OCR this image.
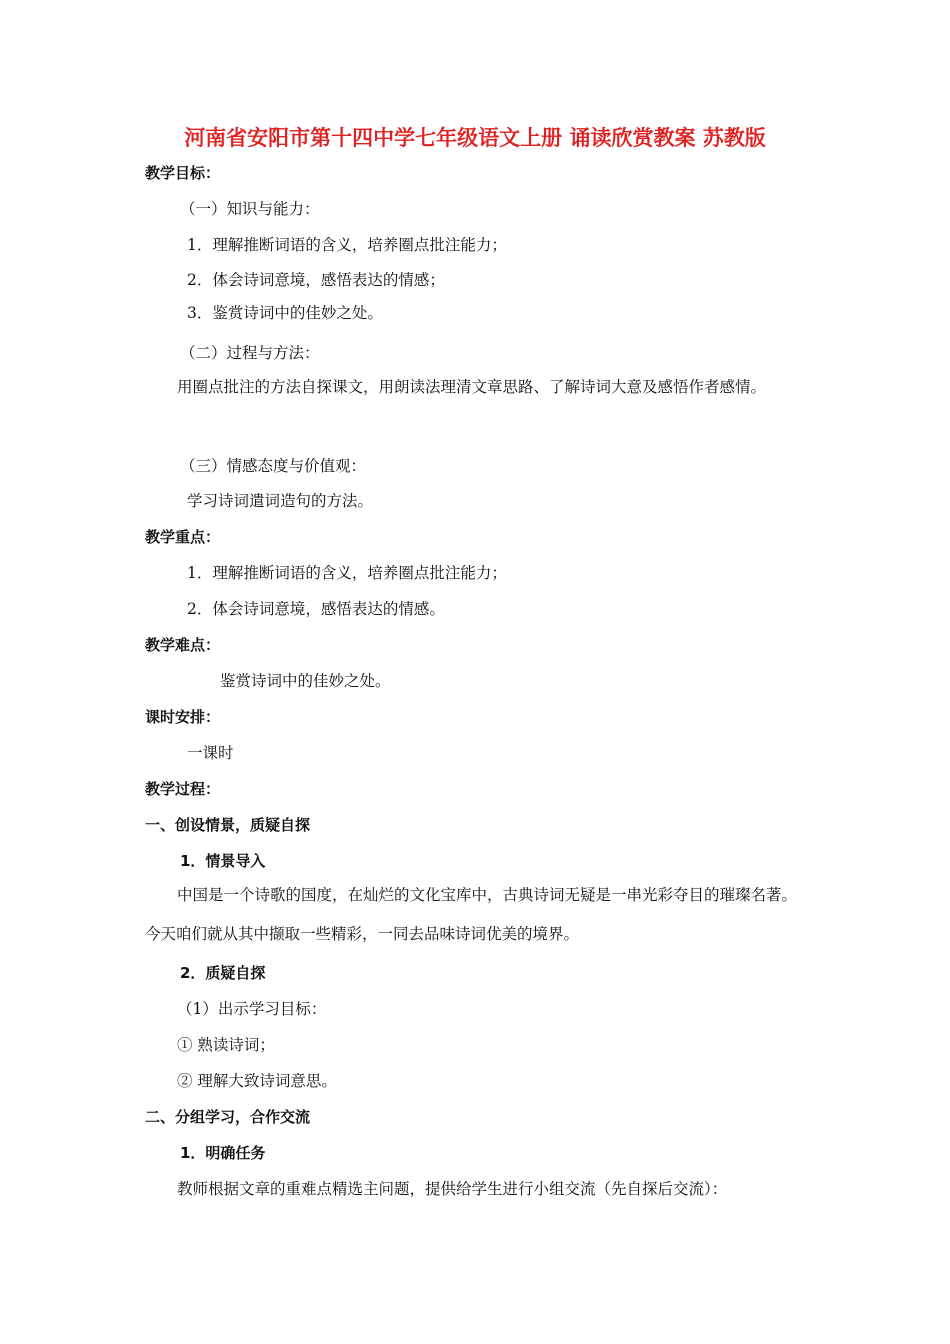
河南省安阳市第十四中学七年级语文上册 诵读欣赏教案 苏教版
教学目标：
（一）知识与能力：
1．理解推断词语的含义，培养圈点批注能力；
2．体会诗词意境，感悟表达的情感；
3．鉴赏诗词中的佳妙之处。
（二）过程与方法：
用圈点批注的方法自探课文，用朗读法理清文章思路、了解诗词大意及感悟作者感情。
（三）情感态度与价值观：
学习诗词遣词造句的方法。
教学重点：
1．理解推断词语的含义，培养圈点批注能力；
2．体会诗词意境，感悟表达的情感。
教学难点：
鉴赏诗词中的佳妙之处。
课时安排：
一课时
教学过程：
一、创设情景，质疑自探
1．情景导入
中国是一个诗歌的国度，在灿烂的文化宝库中，古典诗词无疑是一串光彩夺目的璀璨名著。今天咱们就从其中撷取一些精彩，一同去品味诗词优美的境界。
2．质疑自探
（1）出示学习目标：
① 熟读诗词；
② 理解大致诗词意思。
二、分组学习，合作交流
1．明确任务
教师根据文章的重难点精选主问题，提供给学生进行小组交流（先自探后交流）：
